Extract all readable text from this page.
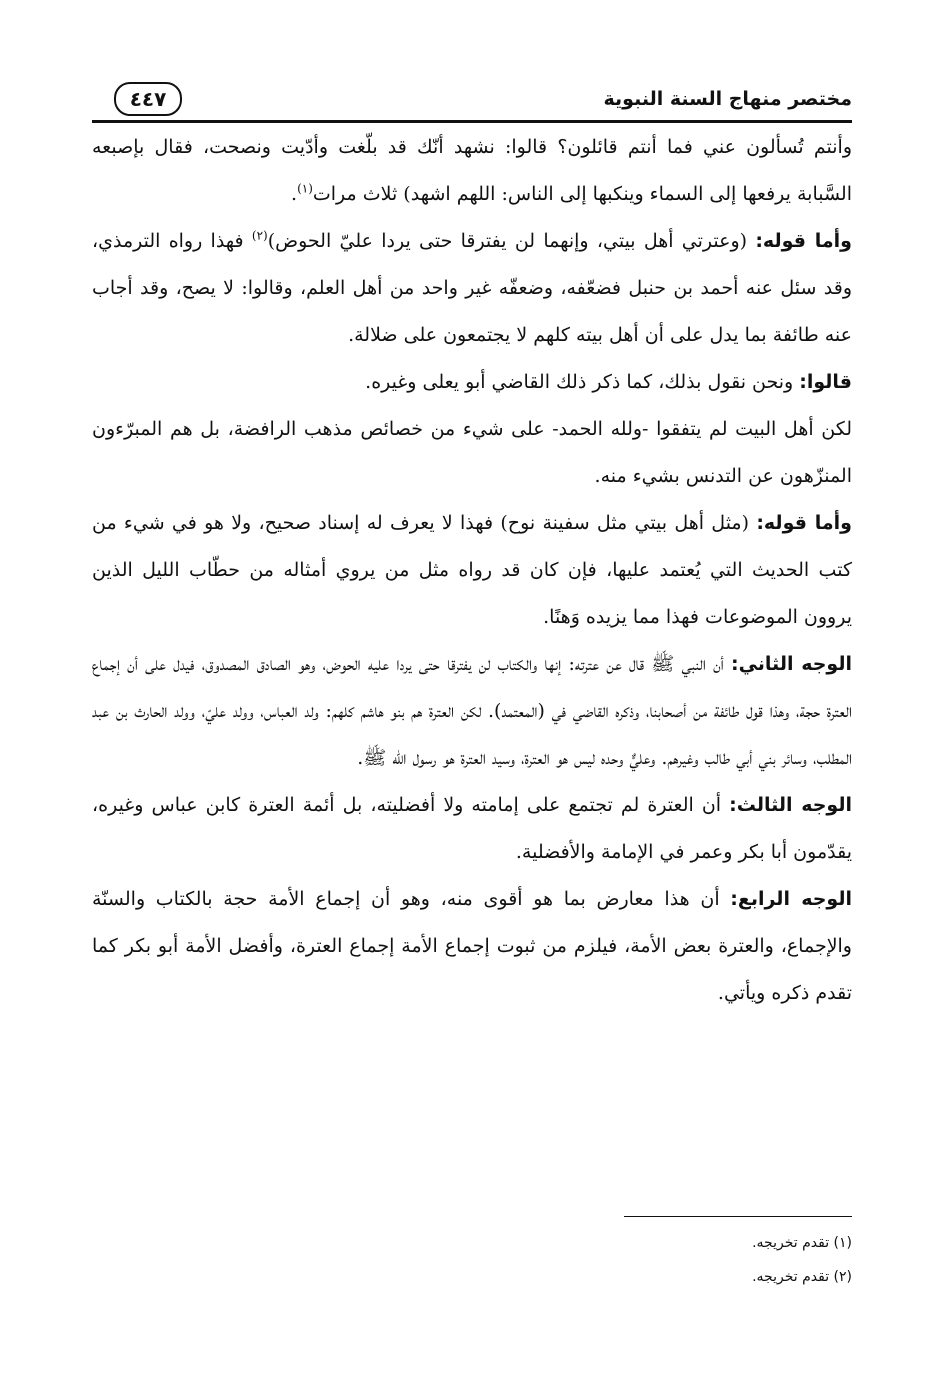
مختصر منهاج السنة النبوية
٤٤٧

وأنتم تُسألون عني فما أنتم قائلون؟ قالوا: نشهد أنّك قد بلّغت وأدّيت ونصحت، فقال بإصبعه السَّبابة يرفعها إلى السماء وينكبها إلى الناس: اللهم اشهد) ثلاث مرات$^{(١)}$.

وأما قوله: (وعترتي أهل بيتي، وإنهما لن يفترقا حتى يردا عليّ الحوض)$^{(٢)}$ فهذا رواه الترمذي، وقد سئل عنه أحمد بن حنبل فضعّفه، وضعفّه غير واحد من أهل العلم، وقالوا: لا يصح، وقد أجاب عنه طائفة بما يدل على أن أهل بيته كلهم لا يجتمعون على ضلالة.

قالوا: ونحن نقول بذلك، كما ذكر ذلك القاضي أبو يعلى وغيره.

لكن أهل البيت لم يتفقوا -ولله الحمد- على شيء من خصائص مذهب الرافضة، بل هم المبرّءون المنزّهون عن التدنس بشيء منه.

وأما قوله: (مثل أهل بيتي مثل سفينة نوح) فهذا لا يعرف له إسناد صحيح، ولا هو في شيء من كتب الحديث التي يُعتمد عليها، فإن كان قد رواه مثل من يروي أمثاله من حطّاب الليل الذين يروون الموضوعات فهذا مما يزيده وَهنًا.

الوجه الثاني: أن النبي ﷺ قال عن عترته: إنها والكتاب لن يفترقا حتى يردا عليه الحوض، وهو الصادق المصدوق، فيدل على أن إجماع العترة حجة، وهذا قول طائفة من أصحابنا، وذكره القاضي في (المعتمد). لكن العترة هم بنو هاشم كلهم: ولد العباس، وولد عليّ، وولد الحارث بن عبد المطلب، وسائر بني أبي طالب وغيرهم. وعليٌّ وحده ليس هو العترة، وسيد العترة هو رسول الله ﷺ.

الوجه الثالث: أن العترة لم تجتمع على إمامته ولا أفضليته، بل أئمة العترة كابن عباس وغيره، يقدّمون أبا بكر وعمر في الإمامة والأفضلية.

الوجه الرابع: أن هذا معارض بما هو أقوى منه، وهو أن إجماع الأمة حجة بالكتاب والسنّة والإجماع، والعترة بعض الأمة، فيلزم من ثبوت إجماع الأمة إجماع العترة، وأفضل الأمة أبو بكر كما تقدم ذكره ويأتي.

(١) تقدم تخريجه.

(٢) تقدم تخريجه.
